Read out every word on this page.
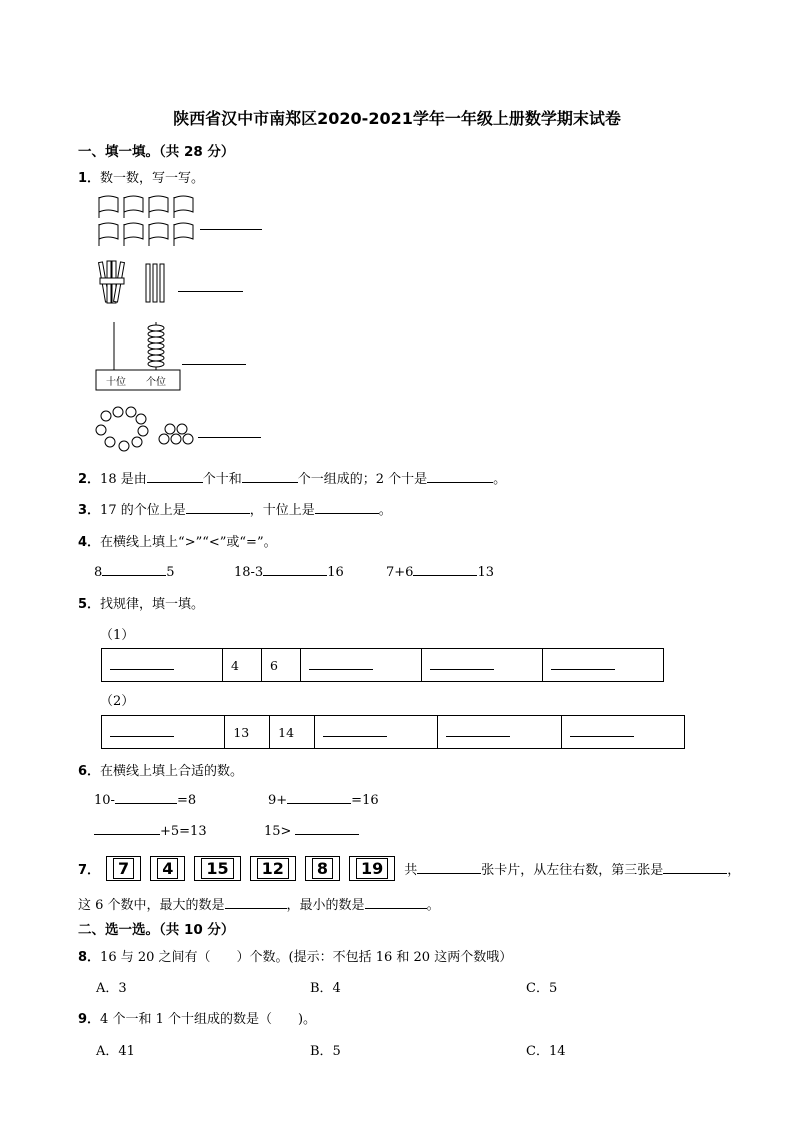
陕西省汉中市南郑区2020-2021学年一年级上册数学期末试卷
一、填一填。（共 28 分）
1．数一数，写一写。
十位 个位
2．18 是由	个十和	个一组成的；2 个十是	。
3．17 的个位上是	，十位上是	。
4．在横线上填上“>”“<”或“=”。
8	5	18-3	16	7+6	13
5．找规律，填一填。
（1）
	4	6			
（2）
	13	14			
6．在横线上填上合适的数。
10-	=8	9+	=16
+5=13	15>
7． 7 4 15 12 8 19 共	张卡片，从左往右数，第三张是	，
这 6 个数中，最大的数是	，最小的数是	。
二、选一选。（共 10 分）
8．16 与 20 之间有（　　）个数。(提示：不包括 16 和 20 这两个数哦）
A．3	B．4	C．5
9．4 个一和 1 个十组成的数是（　　)。
A．41	B．5	C．14
